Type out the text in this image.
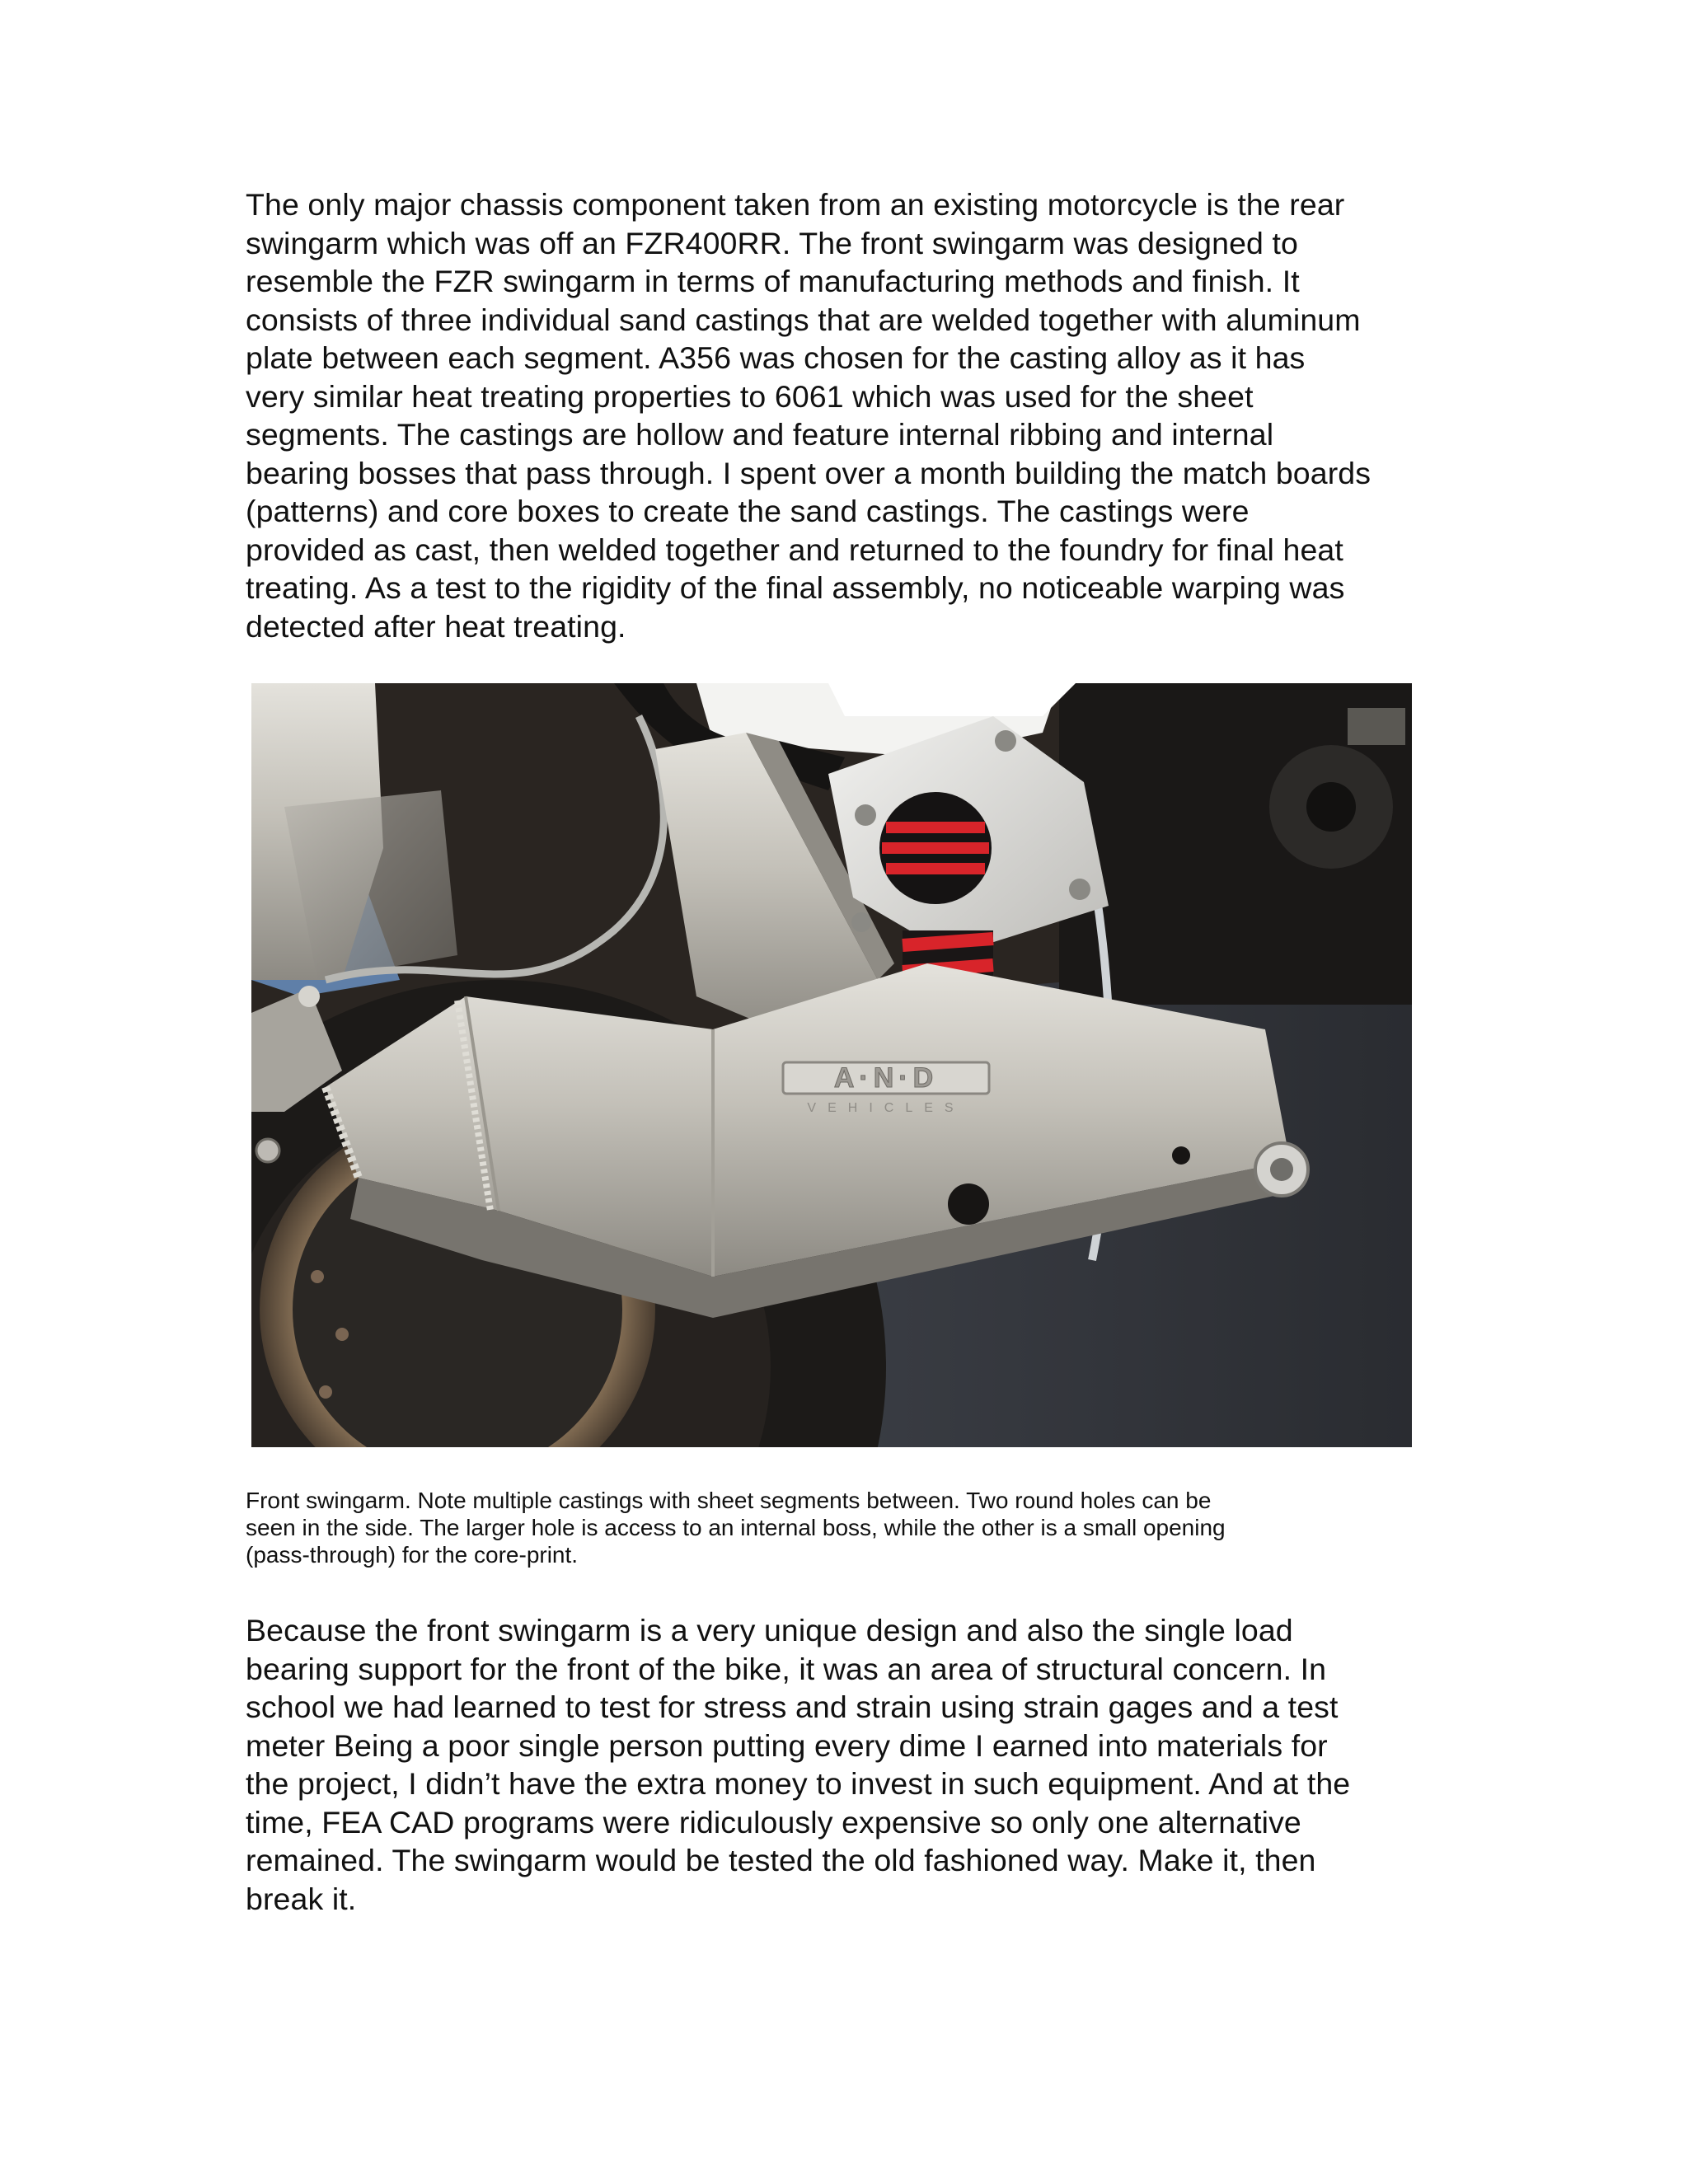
The only major chassis component taken from an existing motorcycle is the rear
swingarm which was off an FZR400RR. The front swingarm was designed to
resemble the FZR swingarm in terms of manufacturing methods and finish. It
consists of three individual sand castings that are welded together with aluminum
plate between each segment. A356 was chosen for the casting alloy as it has
very similar heat treating properties to 6061 which was used for the sheet
segments. The castings are hollow and feature internal ribbing and internal
bearing bosses that pass through. I spent over a month building the match boards
(patterns) and core boxes to create the sand castings. The castings were
provided as cast, then welded together and returned to the foundry for final heat
treating. As a test to the rigidity of the final assembly, no noticeable warping was
detected after heat treating.

A·N·D
VEHICLES

Front swingarm. Note multiple castings with sheet segments between. Two round holes can be
seen in the side. The larger hole is access to an internal boss, while the other is a small opening
(pass-through) for the core-print.

Because the front swingarm is a very unique design and also the single load
bearing support for the front of the bike, it was an area of structural concern. In
school we had learned to test for stress and strain using strain gages and a test
meter Being a poor single person putting every dime I earned into materials for
the project, I didn’t have the extra money to invest in such equipment. And at the
time, FEA CAD programs were ridiculously expensive so only one alternative
remained. The swingarm would be tested the old fashioned way. Make it, then
break it.
